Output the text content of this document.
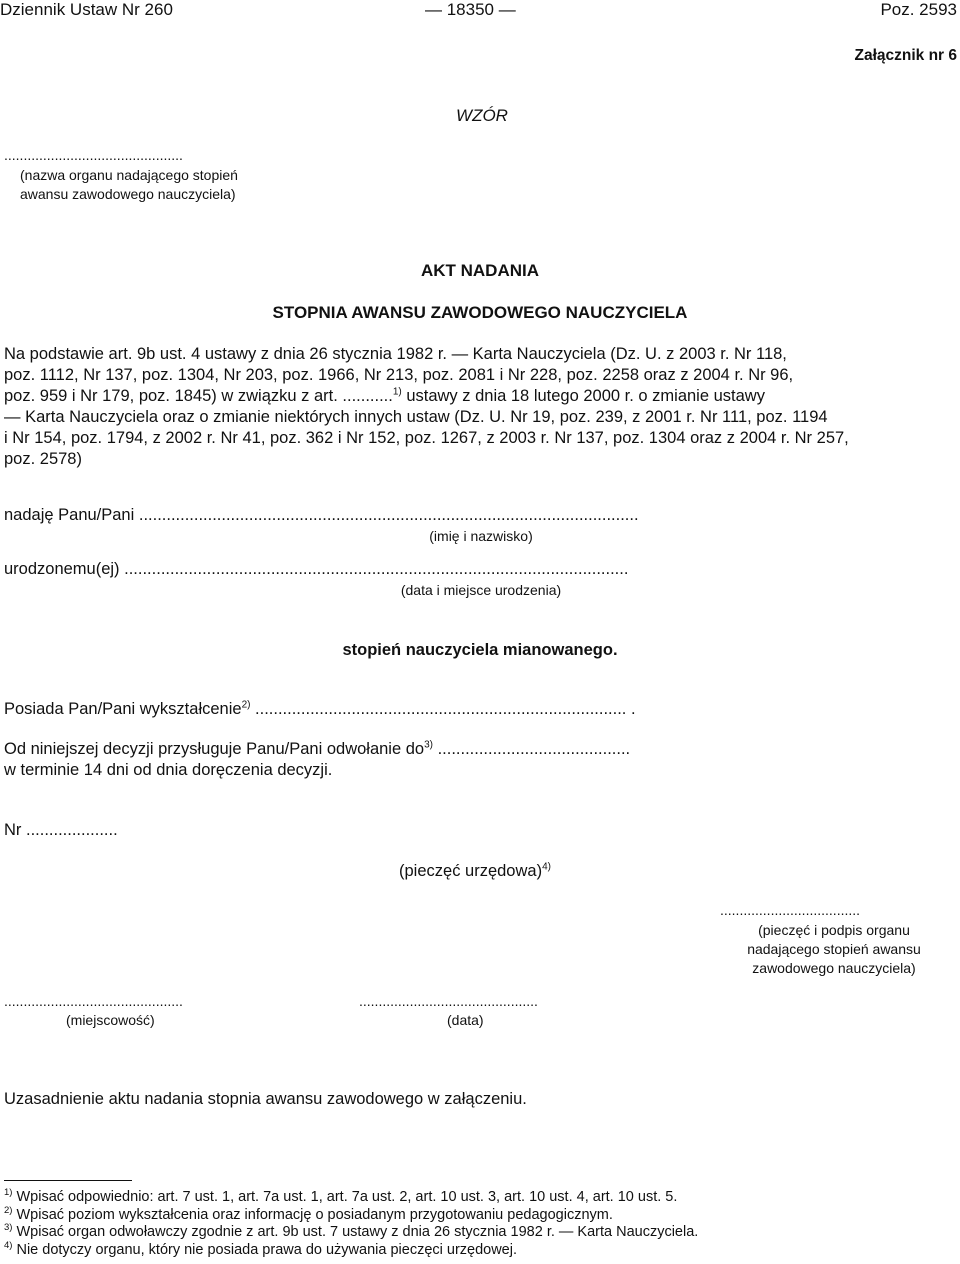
Dziennik Ustaw Nr 260	— 18350 —	Poz. 2593
Załącznik nr 6
WZÓR
..............................................
(nazwa organu nadającego stopień
awansu zawodowego nauczyciela)
AKT NADANIA
STOPNIA AWANSU ZAWODOWEGO NAUCZYCIELA
Na podstawie art. 9b ust. 4 ustawy z dnia 26 stycznia 1982 r. — Karta Nauczyciela (Dz. U. z 2003 r. Nr 118,
poz. 1112, Nr 137, poz. 1304, Nr 203, poz. 1966, Nr 213, poz. 2081 i Nr 228, poz. 2258 oraz z 2004 r. Nr 96,
poz. 959 i Nr 179, poz. 1845) w związku z art. ...........$^{1)}$ ustawy z dnia 18 lutego 2000 r. o zmianie ustawy
— Karta Nauczyciela oraz o zmianie niektórych innych ustaw (Dz. U. Nr 19, poz. 239, z 2001 r. Nr 111, poz. 1194
i Nr 154, poz. 1794, z 2002 r. Nr 41, poz. 362 i Nr 152, poz. 1267, z 2003 r. Nr 137, poz. 1304 oraz z 2004 r. Nr 257,
poz. 2578)
nadaję Panu/Pani .............................................................................................................
(imię i nazwisko)
urodzonemu(ej) ..............................................................................................................
(data i miejsce urodzenia)
stopień nauczyciela mianowanego.
Posiada Pan/Pani wykształcenie$^{2)}$ ................................................................................. .
Od niniejszej decyzji przysługuje Panu/Pani odwołanie $do^{3)}$ ..........................................
w terminie 14 dni od dnia doręczenia decyzji.
Nr ....................
(pieczęć urzędowa)$^{4)}$
....................................
(pieczęć i podpis organu
nadającego stopień awansu
zawodowego nauczyciela)
..............................................
(miejscowość)
..............................................
(data)
Uzasadnienie aktu nadania stopnia awansu zawodowego w załączeniu.
$^{1)}$ Wpisać odpowiednio: art. 7 ust. 1, art. 7a ust. 1, art. 7a ust. 2, art. 10 ust. 3, art. 10 ust. 4, art. 10 ust. 5.
$^{2)}$ Wpisać poziom wykształcenia oraz informację o posiadanym przygotowaniu pedagogicznym.
$^{3)}$ Wpisać organ odwoławczy zgodnie z art. 9b ust. 7 ustawy z dnia 26 stycznia 1982 r. — Karta Nauczyciela.
$^{4)}$ Nie dotyczy organu, który nie posiada prawa do używania pieczęci urzędowej.
